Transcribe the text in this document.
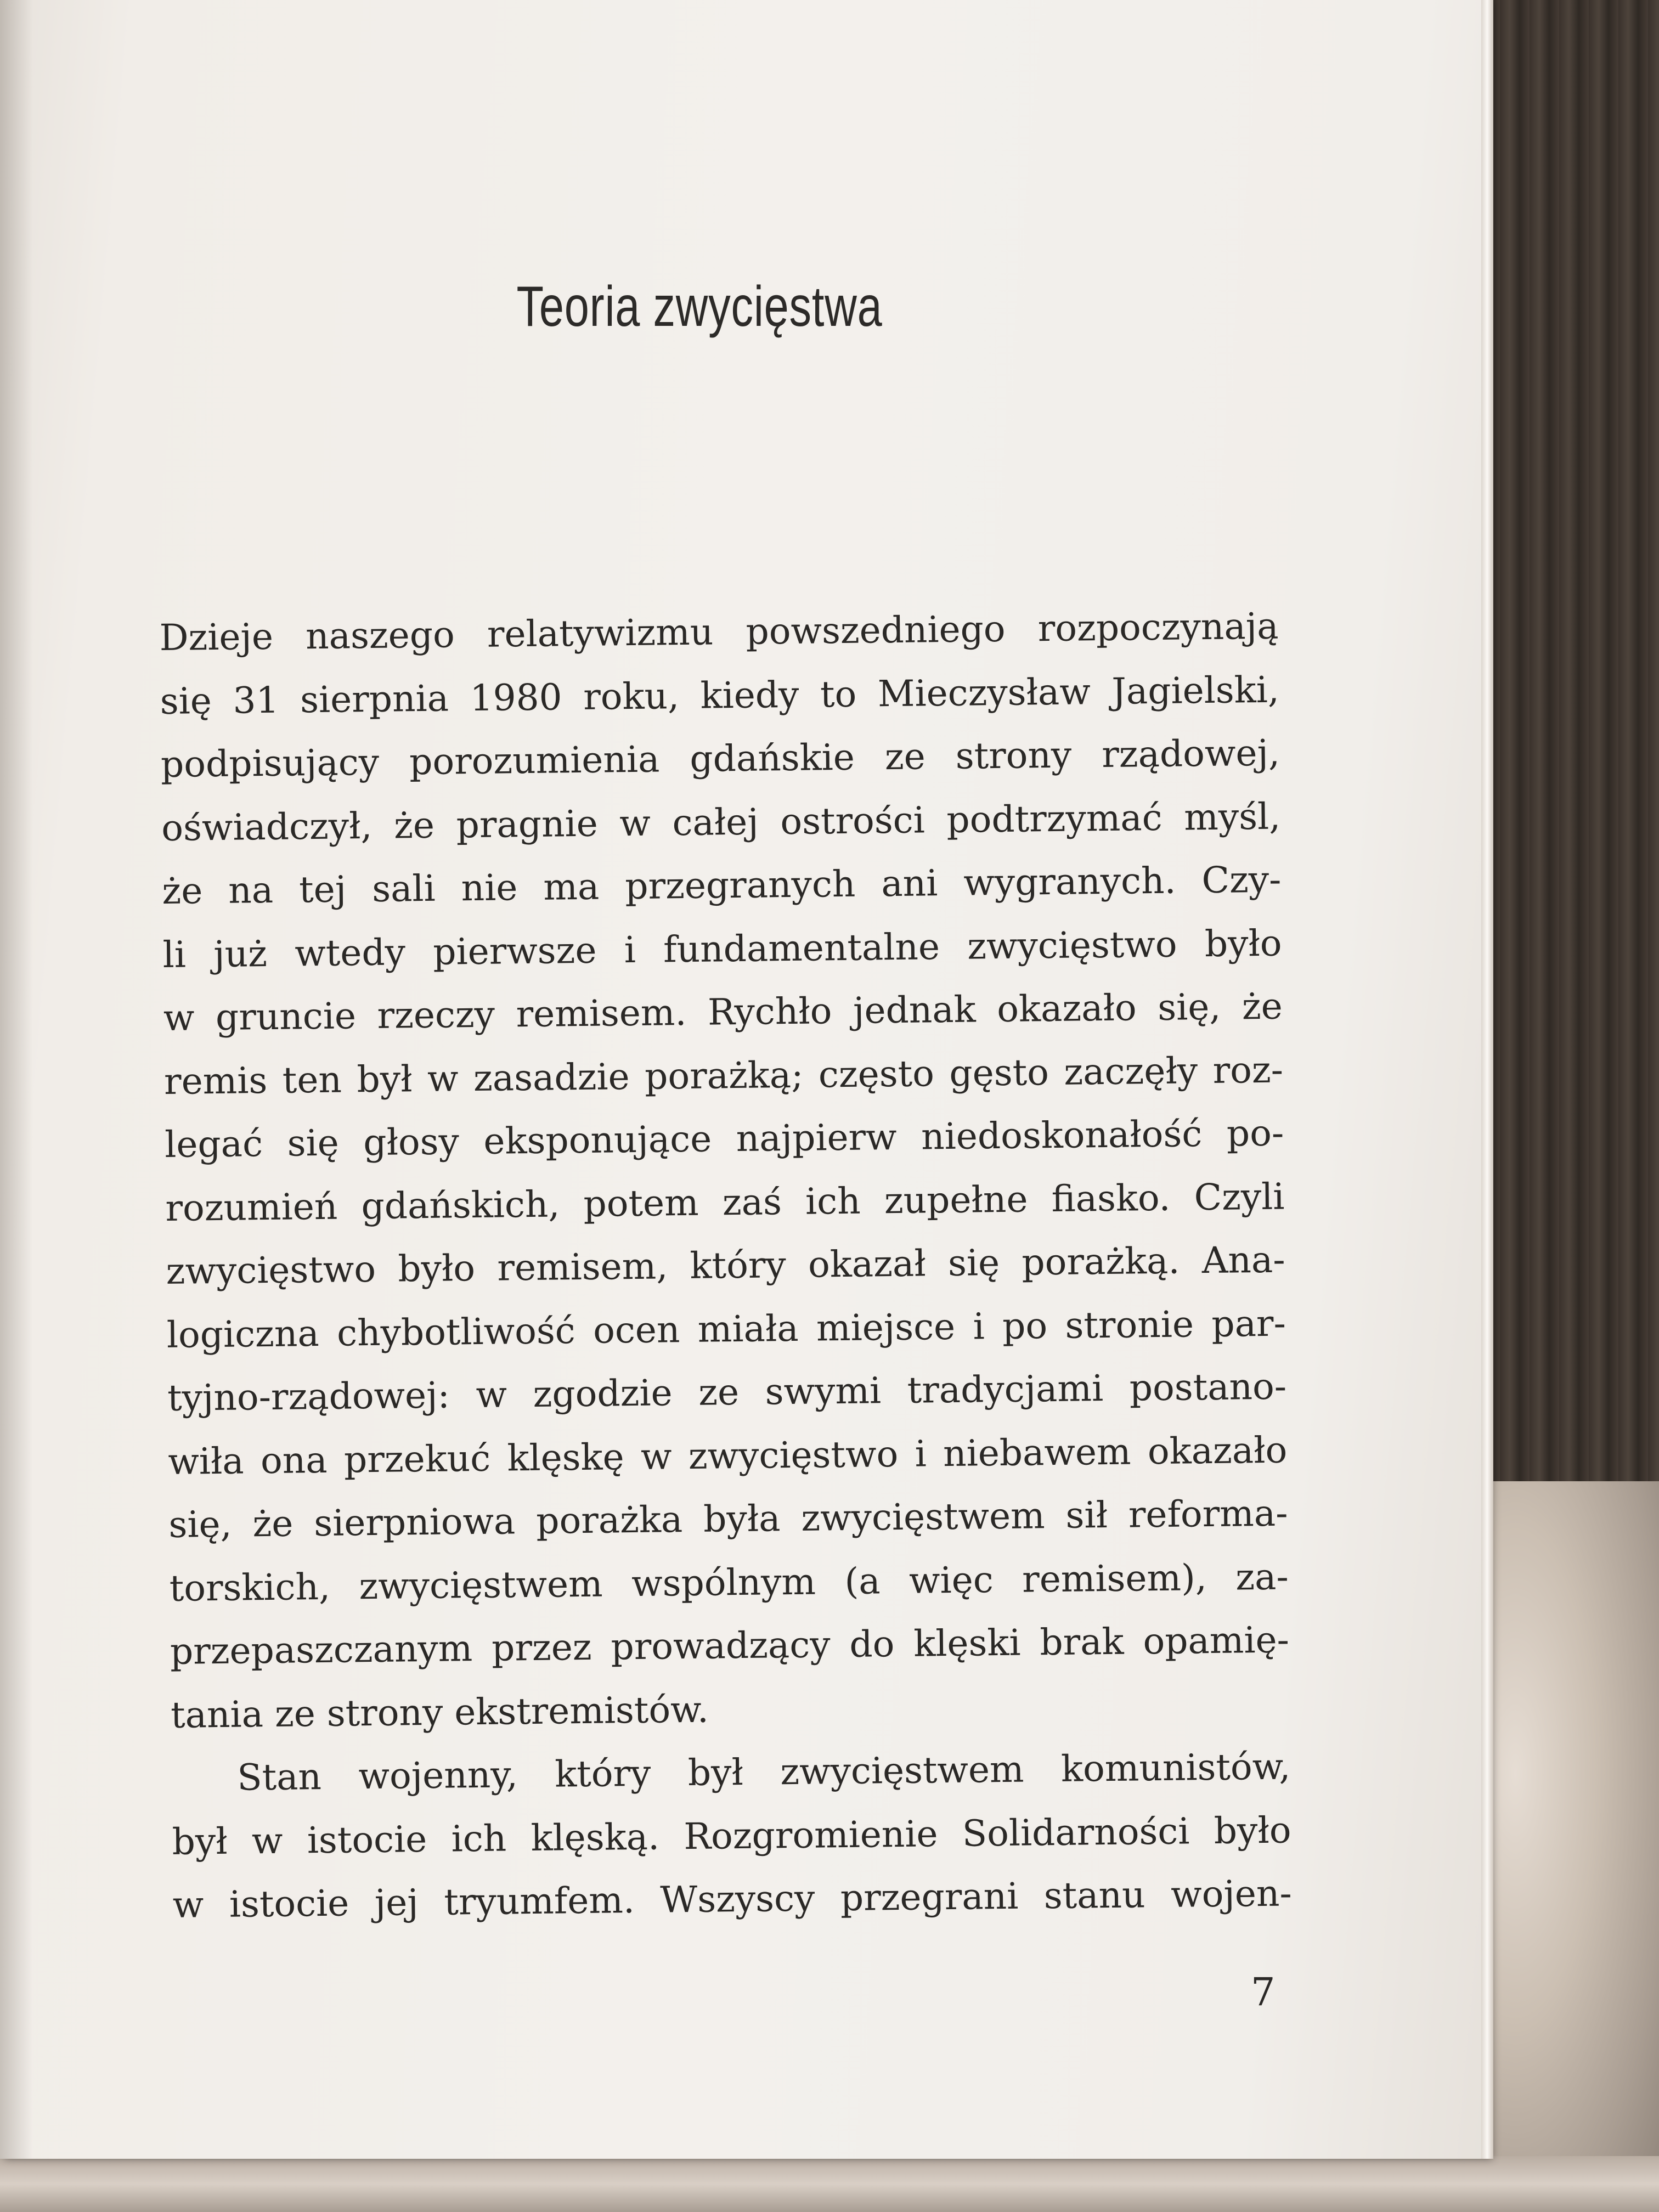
Teoria zwycięstwa
Dzieje naszego relatywizmu powszedniego rozpoczynają
się 31 sierpnia 1980 roku, kiedy to Mieczysław Jagielski,
podpisujący porozumienia gdańskie ze strony rządowej,
oświadczył, że pragnie w całej ostrości podtrzymać myśl,
że na tej sali nie ma przegranych ani wygranych. Czy-
li już wtedy pierwsze i fundamentalne zwycięstwo było
w gruncie rzeczy remisem. Rychło jednak okazało się, że
remis ten był w zasadzie porażką; często gęsto zaczęły roz-
legać się głosy eksponujące najpierw niedoskonałość po-
rozumień gdańskich, potem zaś ich zupełne fiasko. Czyli
zwycięstwo było remisem, który okazał się porażką. Ana-
logiczna chybotliwość ocen miała miejsce i po stronie par-
tyjno-rządowej: w zgodzie ze swymi tradycjami postano-
wiła ona przekuć klęskę w zwycięstwo i niebawem okazało
się, że sierpniowa porażka była zwycięstwem sił reforma-
torskich, zwycięstwem wspólnym (a więc remisem), za-
przepaszczanym przez prowadzący do klęski brak opamię-
tania ze strony ekstremistów.
Stan wojenny, który był zwycięstwem komunistów,
był w istocie ich klęską. Rozgromienie Solidarności było
w istocie jej tryumfem. Wszyscy przegrani stanu wojen-
7
